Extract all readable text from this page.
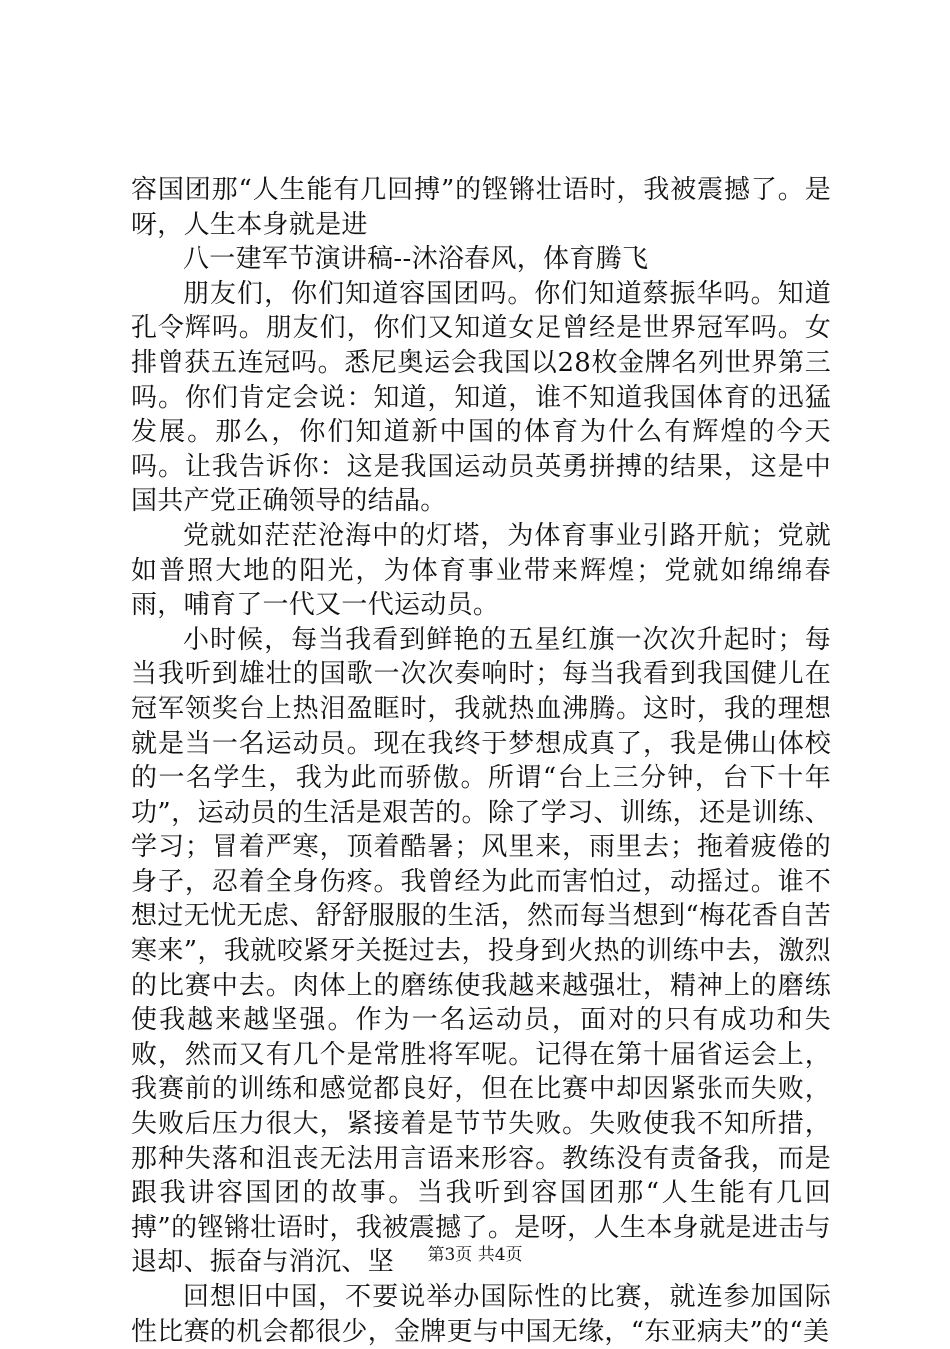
容国团那“人生能有几回搏”的铿锵壮语时，我被震撼了。是呀，人生本身就是进

八一建军节演讲稿--沐浴春风，体育腾飞

朋友们，你们知道容国团吗。你们知道蔡振华吗。知道孔令辉吗。朋友们，你们又知道女足曾经是世界冠军吗。女排曾获五连冠吗。悉尼奥运会我国以28枚金牌名列世界第三吗。你们肯定会说：知道，知道，谁不知道我国体育的迅猛发展。那么，你们知道新中国的体育为什么有辉煌的今天吗。让我告诉你：这是我国运动员英勇拼搏的结果，这是中国共产党正确领导的结晶。

党就如茫茫沧海中的灯塔，为体育事业引路开航；党就如普照大地的阳光，为体育事业带来辉煌；党就如绵绵春雨，哺育了一代又一代运动员。

小时候，每当我看到鲜艳的五星红旗一次次升起时；每当我听到雄壮的国歌一次次奏响时；每当我看到我国健儿在冠军领奖台上热泪盈眶时，我就热血沸腾。这时，我的理想就是当一名运动员。现在我终于梦想成真了，我是佛山体校的一名学生，我为此而骄傲。所谓“台上三分钟，台下十年功”，运动员的生活是艰苦的。除了学习、训练，还是训练、学习；冒着严寒，顶着酷暑；风里来，雨里去；拖着疲倦的身子，忍着全身伤疼。我曾经为此而害怕过，动摇过。谁不想过无忧无虑、舒舒服服的生活，然而每当想到“梅花香自苦寒来”，我就咬紧牙关挺过去，投身到火热的训练中去，激烈的比赛中去。肉体上的磨练使我越来越强壮，精神上的磨练使我越来越坚强。作为一名运动员，面对的只有成功和失败，然而又有几个是常胜将军呢。记得在第十届省运会上，我赛前的训练和感觉都良好，但在比赛中却因紧张而失败，失败后压力很大，紧接着是节节失败。失败使我不知所措，那种失落和沮丧无法用言语来形容。教练没有责备我，而是跟我讲容国团的故事。当我听到容国团那“人生能有几回搏”的铿锵壮语时，我被震撼了。是呀，人生本身就是进击与退却、振奋与消沉、坚

回想旧中国，不要说举办国际性的比赛，就连参加国际性比赛的机会都很少，金牌更与中国无缘，“东亚病夫”的“美

第3页 共4页
